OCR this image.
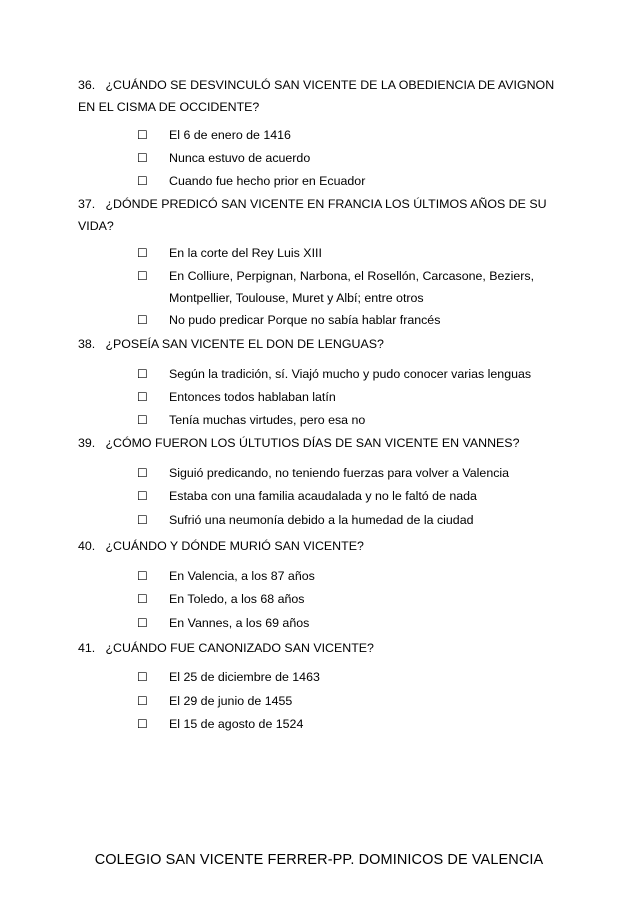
36. ¿CUÁNDO SE DESVINCULÓ SAN VICENTE DE LA OBEDIENCIA DE AVIGNON EN EL CISMA DE OCCIDENTE?
☐ El 6 de enero de 1416
☐ Nunca estuvo de acuerdo
☐ Cuando fue hecho prior en Ecuador
37. ¿DÓNDE PREDICÓ SAN VICENTE EN FRANCIA LOS ÚLTIMOS AÑOS DE SU VIDA?
☐ En la corte del Rey Luis XIII
☐ En Colliure, Perpignan, Narbona, el Rosellón, Carcasone, Beziers, Montpellier, Toulouse, Muret y Albí; entre otros
☐ No pudo predicar Porque no sabía hablar francés
38. ¿POSEÍA SAN VICENTE EL DON DE LENGUAS?
☐ Según la tradición, sí. Viajó mucho y pudo conocer varias lenguas
☐ Entonces todos hablaban latín
☐ Tenía muchas virtudes, pero esa no
39. ¿CÓMO FUERON LOS ÚLTUTIOS DÍAS DE SAN VICENTE EN VANNES?
☐ Siguió predicando, no teniendo fuerzas para volver a Valencia
☐ Estaba con una familia acaudalada y no le faltó de nada
☐ Sufrió una neumonía debido a la humedad de la ciudad
40. ¿CUÁNDO Y DÓNDE MURIÓ SAN VICENTE?
☐ En Valencia, a los 87 años
☐ En Toledo, a los 68 años
☐ En Vannes, a los 69 años
41. ¿CUÁNDO FUE CANONIZADO SAN VICENTE?
☐ El 25 de diciembre de 1463
☐ El 29 de junio de 1455
☐ El 15 de agosto de 1524
COLEGIO SAN VICENTE FERRER-PP. DOMINICOS DE VALENCIA
